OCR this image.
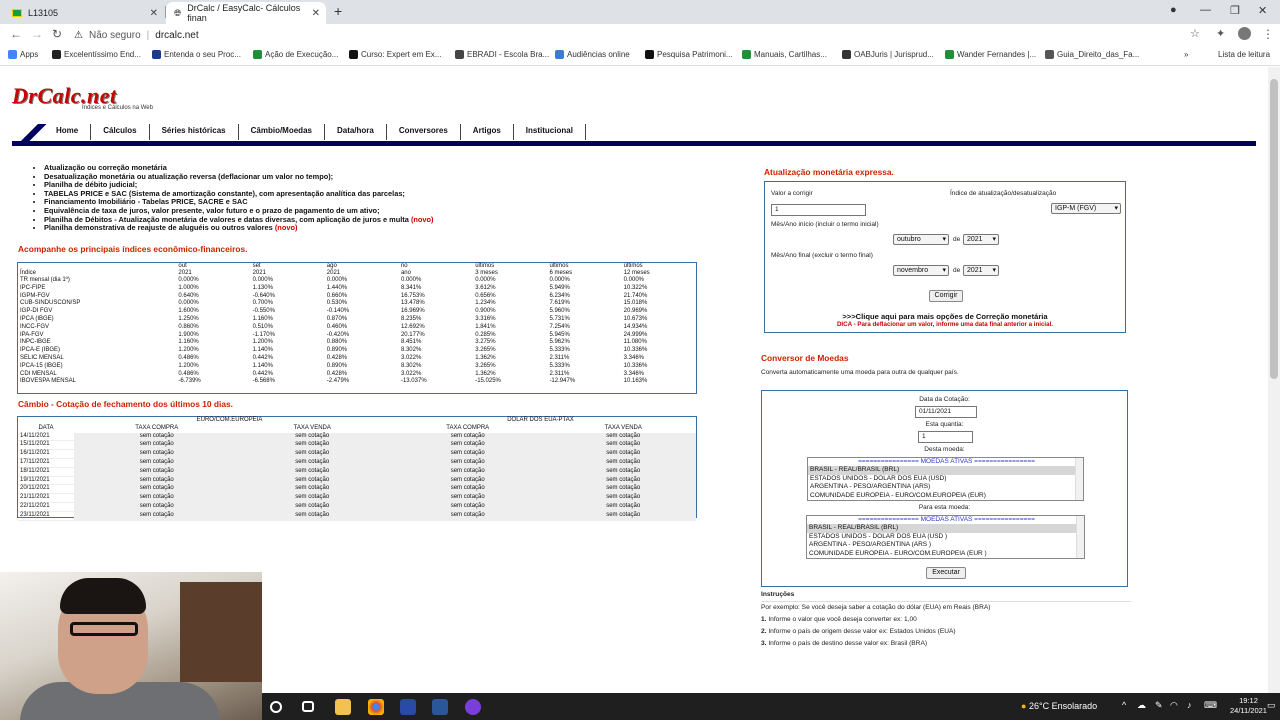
L13105	✕ 🌐︎ DrCalc / EasyCalc- Cálculos finan	✕ +	● — ❐ ✕
← → ↻ ⚠ Não seguro | drcalc.net	☆ ✦	⋮
Apps	Excelentíssimo End...	Entenda o seu Proc...	Ação de Execução...	Curso: Expert em Ex...	EBRADI - Escola Bra... Audiências online	Pesquisa Patrimoni...	Manuais, Cartilhas...	OABJuris | Jurisprud...	Wander Fernandes |...	Guia_Direito_das_Fa...	»	Lista de leitura
DrCalc.net
Índices e Cálculos na Web
Home	Cálculos	Séries históricas	Câmbio/Moedas	Data/hora	Conversores	Artigos	Institucional
• Atualização ou correção monetária
• Desatualização monetária ou atualização reversa (deflacionar um valor no tempo);
• Planilha de débito judicial;
• TABELAS PRICE e SAC (Sistema de amortização constante), com apresentação analítica das parcelas;
• Financiamento Imobiliário - Tabelas PRICE, SACRE e SAC
• Equivalência de taxa de juros, valor presente, valor futuro e o prazo de pagamento de um ativo;
• Planilha de Débitos - Atualização monetária de valores e datas diversas, com aplicação de juros e multa (novo)
• Planilha demonstrativa de reajuste de aluguéis ou outros valores (novo)
Acompanhe os principais índices econômico-financeiros.
	out	set	ago	no	últimos	últimos	últimos
Índice	2021	2021	2021	ano	3 meses	6 meses	12 meses
TR mensal (dia 1º)	0.000%	0.000%	0.000%	0.000%	0.000%	0.000%	0.000%
IPC-FIPE	1.000%	1.130%	1.440%	8.341%	3.612%	5.949%	10.322%
IGPM-FGV	0.640%	-0.640%	0.660%	16.753%	0.656%	6.234%	21.740%
CUB-SINDUSCON/SP	0.000%	0.700%	0.530%	13.478%	1.234%	7.619%	15.018%
IGP-DI FGV	1.600%	-0.550%	-0.140%	16.969%	0.900%	5.960%	20.969%
IPCA (IBGE)	1.250%	1.160%	0.870%	8.235%	3.316%	5.731%	10.673%
INCC-FGV	0.860%	0.510%	0.460%	12.692%	1.841%	7.254%	14.934%
IPA-FGV	1.900%	-1.170%	-0.420%	20.177%	0.285%	5.945%	24.999%
INPC-IBGE	1.160%	1.200%	0.880%	8.451%	3.275%	5.962%	11.080%
IPCA-E (IBGE)	1.200%	1.140%	0.890%	8.302%	3.265%	5.333%	10.336%
SELIC MENSAL	0.486%	0.442%	0.428%	3.022%	1.362%	2.311%	3.346%
IPCA-15 (IBGE)	1.200%	1.140%	0.890%	8.302%	3.265%	5.333%	10.336%
CDI MENSAL	0.486%	0.442%	0.428%	3.022%	1.362%	2.311%	3.346%
IBOVESPA MENSAL	-6.739%	-6.568%	-2.479%	-13.037%	-15.025%	-12.947%	10.163%
Câmbio - Cotação de fechamento dos últimos 10 dias.
	EURO/COM.EUROPEIA		DOLAR DOS EUA-PTAX	
DATA	TAXA COMPRA	TAXA VENDA	TAXA COMPRA	TAXA VENDA
14/11/2021	sem cotação	sem cotação	sem cotação	sem cotação
15/11/2021	sem cotação	sem cotação	sem cotação	sem cotação
16/11/2021	sem cotação	sem cotação	sem cotação	sem cotação
17/11/2021	sem cotação	sem cotação	sem cotação	sem cotação
18/11/2021	sem cotação	sem cotação	sem cotação	sem cotação
19/11/2021	sem cotação	sem cotação	sem cotação	sem cotação
20/11/2021	sem cotação	sem cotação	sem cotação	sem cotação
21/11/2021	sem cotação	sem cotação	sem cotação	sem cotação
22/11/2021	sem cotação	sem cotação	sem cotação	sem cotação
23/11/2021	sem cotação	sem cotação	sem cotação	sem cotação
Atualização monetária expressa.
Valor a corrigir
1
Índice de atualização/desatualização
IGP-M (FGV) ▾
Mês/Ano início (incluir o termo inicial)
outubro ▾	de 2021 ▾
Mês/Ano final (excluir o termo final)
novembro ▾	de 2021 ▾
Corrigir
>>>Clique aqui para mais opções de Correção monetária
DICA - Para deflacionar um valor, informe uma data final anterior a inicial.
Conversor de Moedas
Converta automaticamente uma moeda para outra de qualquer país.
Data da Cotação:
01/11/2021
Esta quantia:
1
Desta moeda:
================ MOEDAS ATIVAS ================
BRASIL - REAL/BRASIL (BRL)
ESTADOS UNIDOS - DOLAR DOS EUA (USD)
ARGENTINA - PESO/ARGENTINA (ARS)
COMUNIDADE EUROPEIA - EURO/COM.EUROPEIA (EUR)
Para esta moeda:
================ MOEDAS ATIVAS ================
BRASIL - REAL/BRASIL (BRL)
ESTADOS UNIDOS - DOLAR DOS EUA (USD )
ARGENTINA - PESO/ARGENTINA (ARS )
COMUNIDADE EUROPEIA - EURO/COM.EUROPEIA (EUR )
Executar
Instruções
Por exemplo: Se você deseja saber a cotação do dólar (EUA) em Reais (BRA)
1. Informe o valor que você deseja converter ex: 1,00
2. Informe o país de origem desse valor ex: Estados Unidos (EUA)
3. Informe o país de destino desse valor ex: Brasil (BRA)
● 26°C Ensolarado	^ ☁ ✎ ◠ ♪ ⌨	19:12
24/11/2021
▭
